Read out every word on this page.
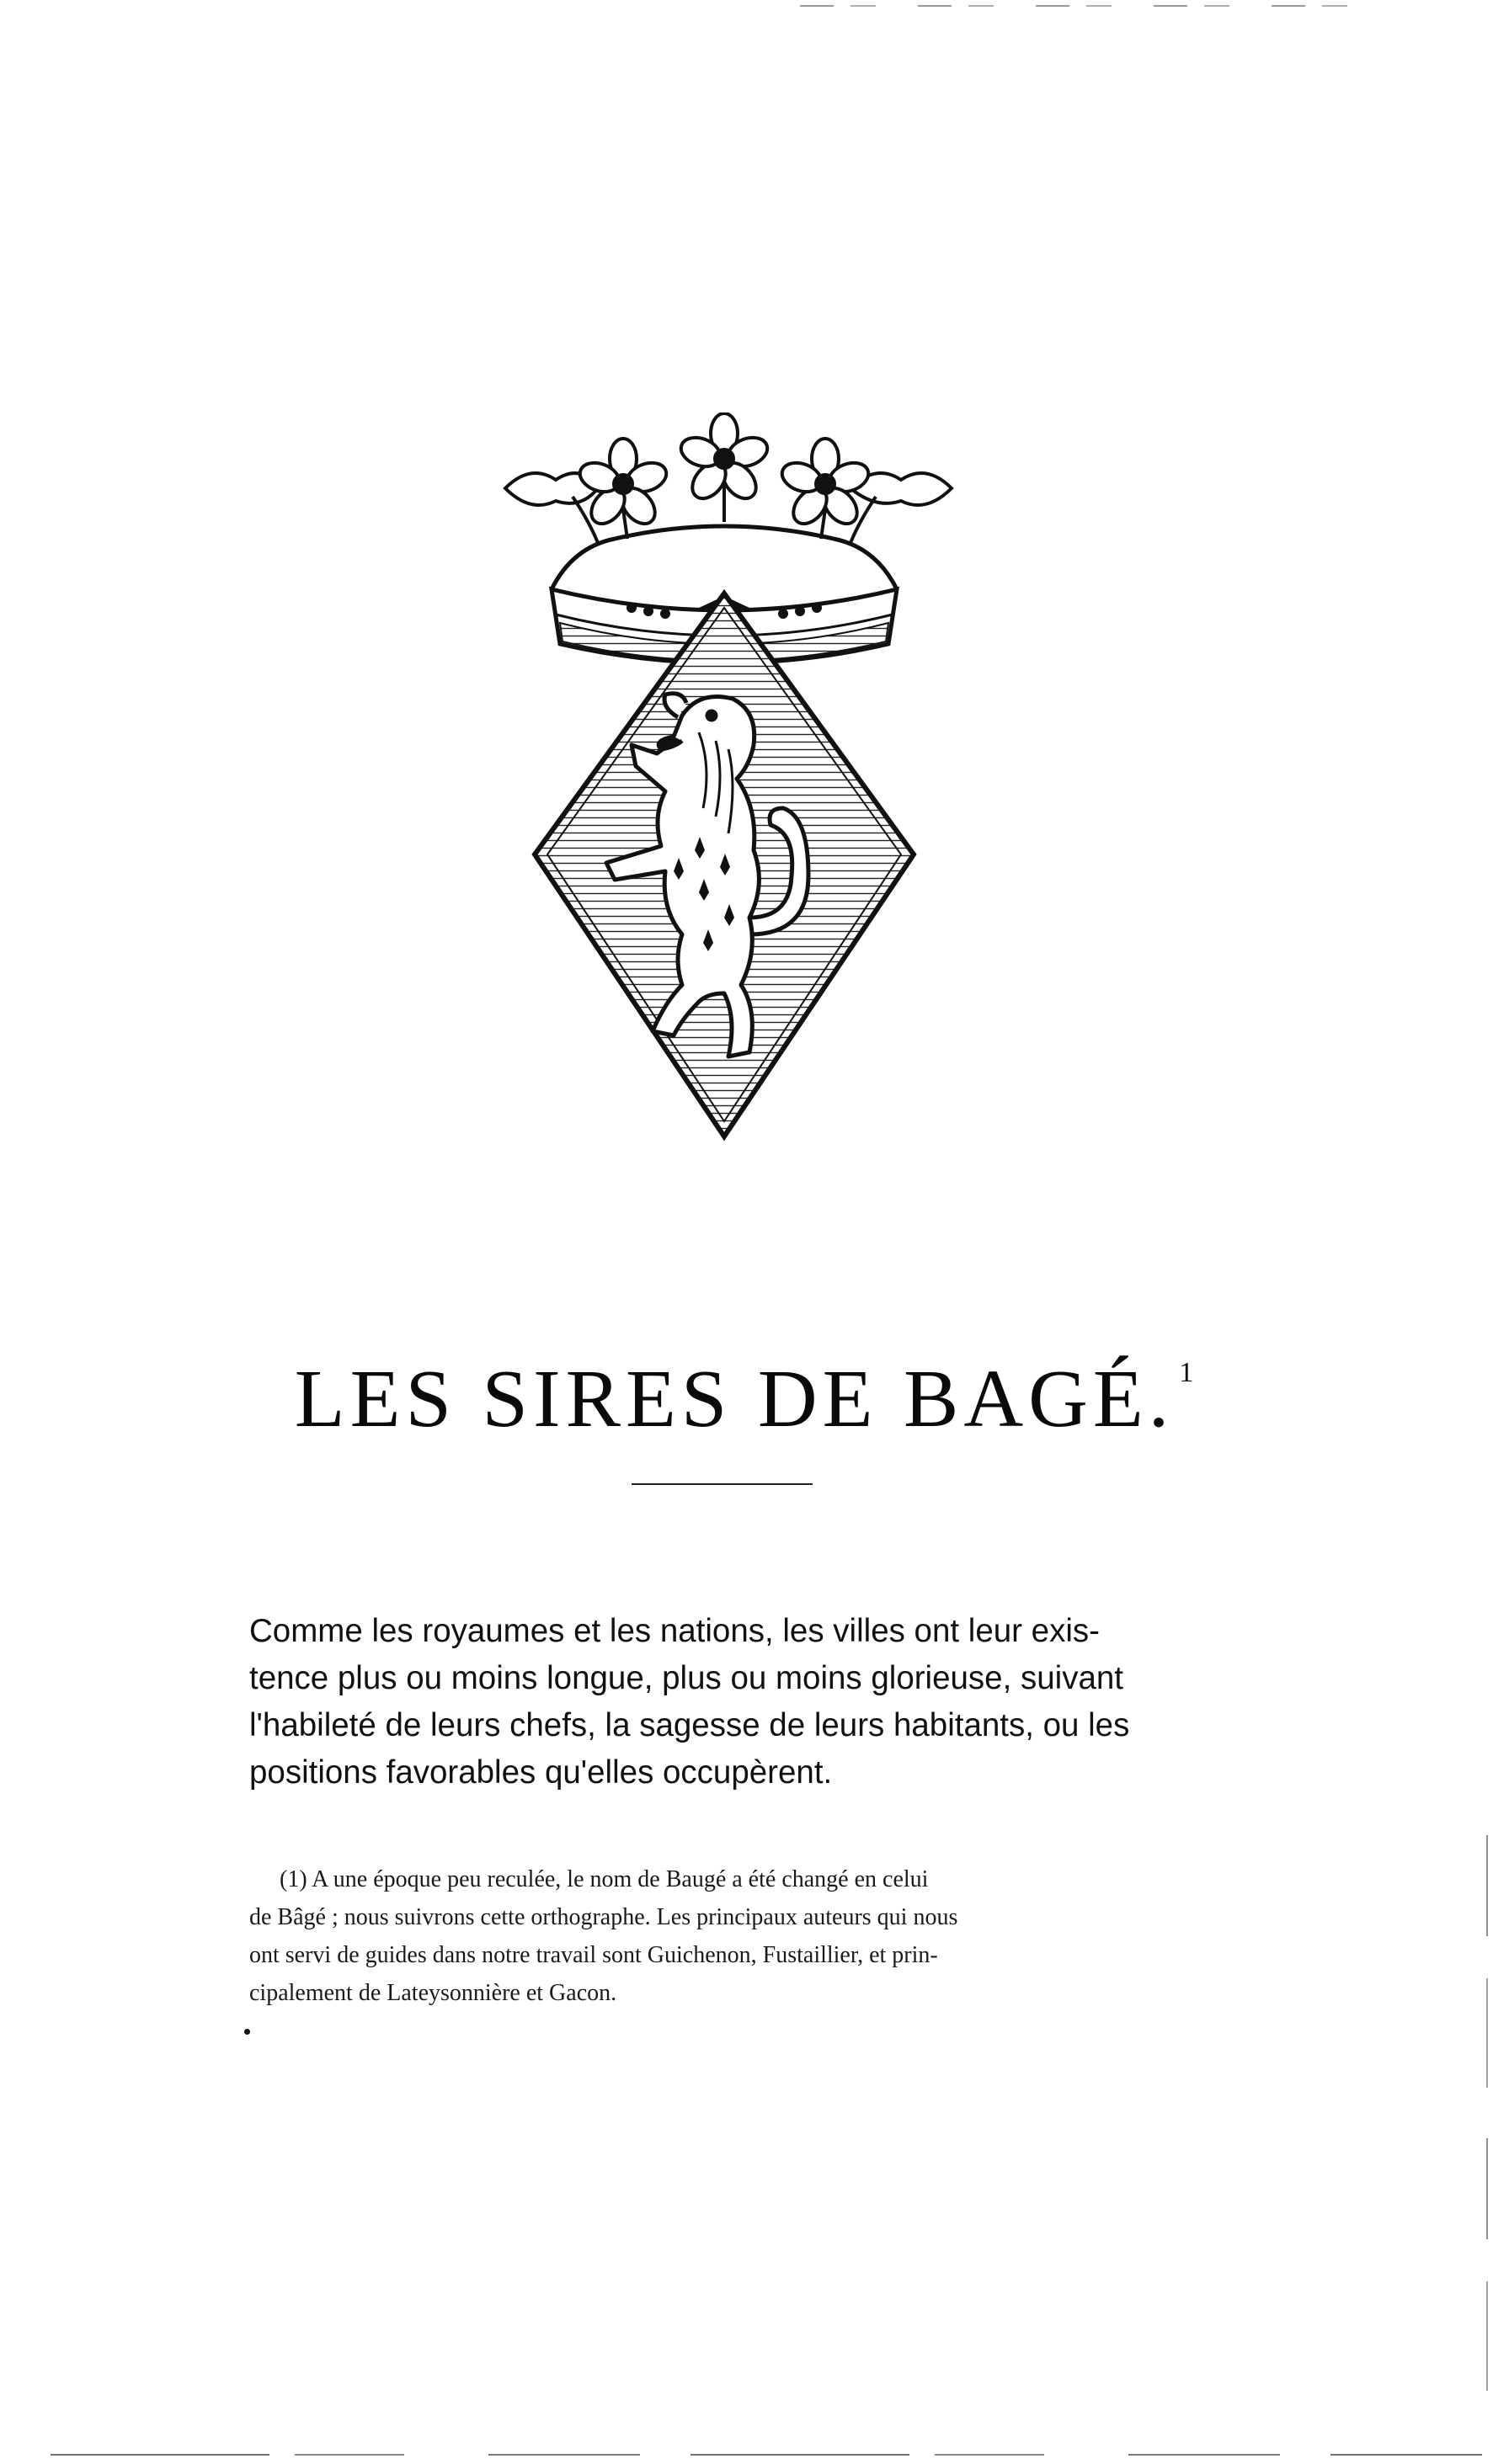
LES SIRES DE BAGÉ. $^1$
Comme les royaumes et les nations, les villes ont leur exis-
tence plus ou moins longue, plus ou moins glorieuse, suivant
l'habileté de leurs chefs, la sagesse de leurs habitants, ou les
positions favorables qu'elles occupèrent.
(1) A une époque peu reculée, le nom de Baugé a été changé en celui
de Bâgé ; nous suivrons cette orthographe. Les principaux auteurs qui nous
ont servi de guides dans notre travail sont Guichenon, Fustaillier, et prin-
cipalement de Lateysonnière et Gacon.
